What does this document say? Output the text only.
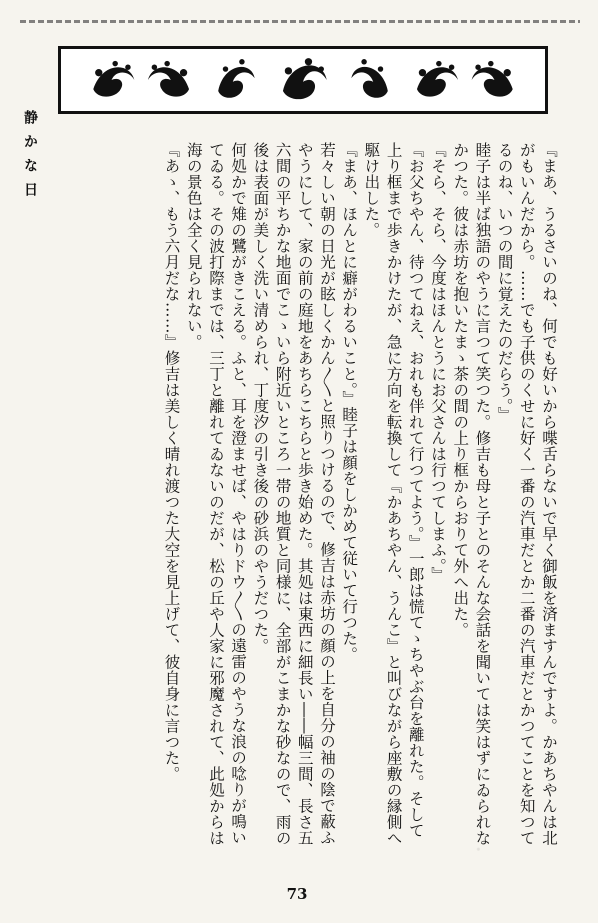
静かな日	『まあ、うるさいのね、何でも好いから喋舌らないで早く御飯を済ますんですよ。かあちやんは北がもいんだから。……でも子供のくせに好く一番の汽車だとか二番の汽車だとかつてことを知つてるのね、いつの間に覚えたのだらう。』

睦子は半ば独語のやうに言つて笑つた。修吉も母と子とのそんな会話を聞いては笑はずにゐられなかつた。彼は赤坊を抱いたまゝ茶の間の上り框からおりて外へ出た。

『そら、そら、今度はほんとうにお父さんは行つてしまふ。』

『お父ちやん、待つてねえ、おれも伴れて行つてよう。』一郎は慌てゝちやぶ台を離れた。そして上り框まで歩きかけたが、急に方向を転換して『かあちやん、うんこ』と叫びながら座敷の縁側へ駆け出した。

『まあ、ほんとに癖がわるいこと。』睦子は顔をしかめて従いて行つた。

若々しい朝の日光が眩しくかん〳〵と照りつけるので、修吉は赤坊の顔の上を自分の袖の陰で蔽ふやうにして、家の前の庭地をあちらこちらと歩き始めた。其処は東西に細長い――幅三間、長さ五六間の平ちかな地面でこゝいら附近いところ一帯の地質と同様に、全部がこまかな砂なので、雨の後は表面が美しく洗い清められ、丁度汐の引き後の砂浜のやうだつた。

何処かで雉の鷺がきこえる。ふと、耳を澄ませば、やはりドウ〳〵の遠雷のやうな浪の唸りが鳴いてゐる。その波打際までは、三丁と離れてゐないのだが、松の丘や人家に邪魔されて、此処からは海の景色は全く見られない。

『あゝ、もう六月だな……』修吉は美しく晴れ渡つた大空を見上げて、彼自身に言つた。

73
